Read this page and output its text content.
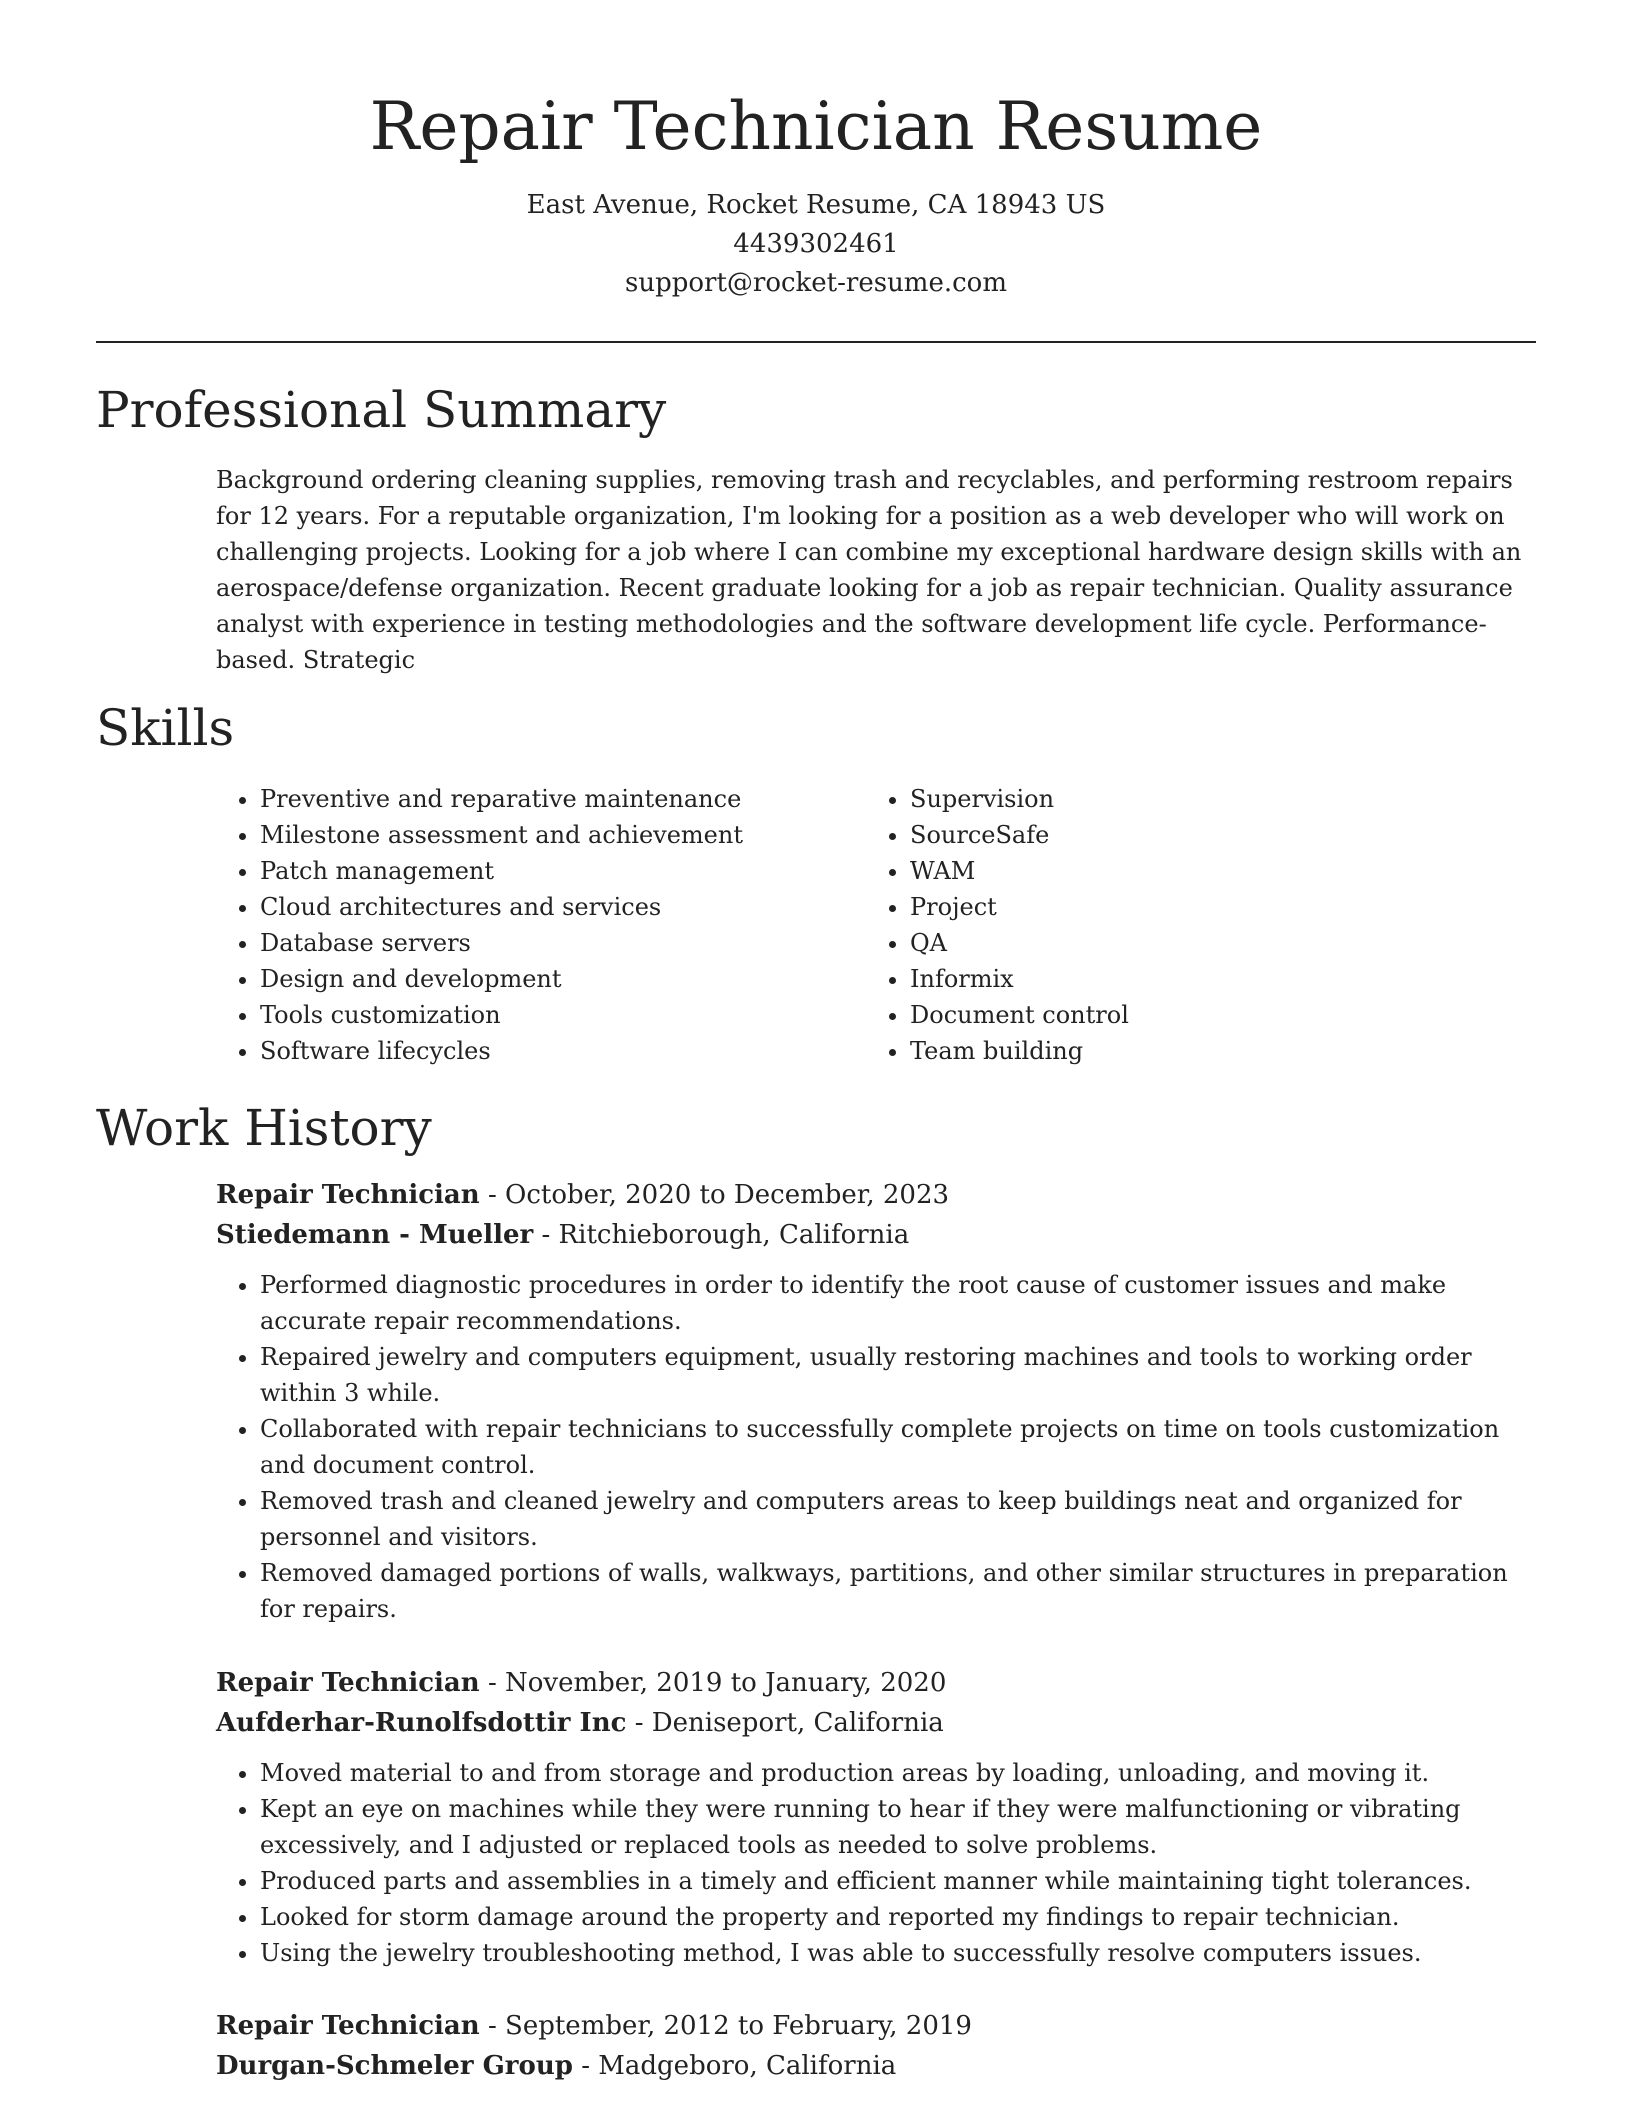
Repair Technician Resume

East Avenue, Rocket Resume, CA 18943 US

4439302461

support@rocket-resume.com

Professional Summary

Background ordering cleaning supplies, removing trash and recyclables, and performing restroom repairs for 12 years. For a reputable organization, I'm looking for a position as a web developer who will work on challenging projects. Looking for a job where I can combine my exceptional hardware design skills with an aerospace/defense organization. Recent graduate looking for a job as repair technician. Quality assurance analyst with experience in testing methodologies and the software development life cycle. Performance-based. Strategic

Skills
• Preventive and reparative maintenance
• Milestone assessment and achievement
• Patch management
• Cloud architectures and services
• Database servers
• Design and development
• Tools customization
• Software lifecycles
• Supervision
• SourceSafe
• WAM
• Project
• QA
• Informix
• Document control
• Team building
Work History

Repair Technician - October, 2020 to December, 2023

Stiedemann - Mueller - Ritchieborough, California

• Performed diagnostic procedures in order to identify the root cause of customer issues and make accurate repair recommendations.
• Repaired jewelry and computers equipment, usually restoring machines and tools to working order within 3 while.
• Collaborated with repair technicians to successfully complete projects on time on tools customization and document control.
• Removed trash and cleaned jewelry and computers areas to keep buildings neat and organized for personnel and visitors.
• Removed damaged portions of walls, walkways, partitions, and other similar structures in preparation for repairs.

Repair Technician - November, 2019 to January, 2020

Aufderhar-Runolfsdottir Inc - Deniseport, California

• Moved material to and from storage and production areas by loading, unloading, and moving it.
• Kept an eye on machines while they were running to hear if they were malfunctioning or vibrating excessively, and I adjusted or replaced tools as needed to solve problems.
• Produced parts and assemblies in a timely and efficient manner while maintaining tight tolerances.
• Looked for storm damage around the property and reported my findings to repair technician.
• Using the jewelry troubleshooting method, I was able to successfully resolve computers issues.

Repair Technician - September, 2012 to February, 2019

Durgan-Schmeler Group - Madgeboro, California
